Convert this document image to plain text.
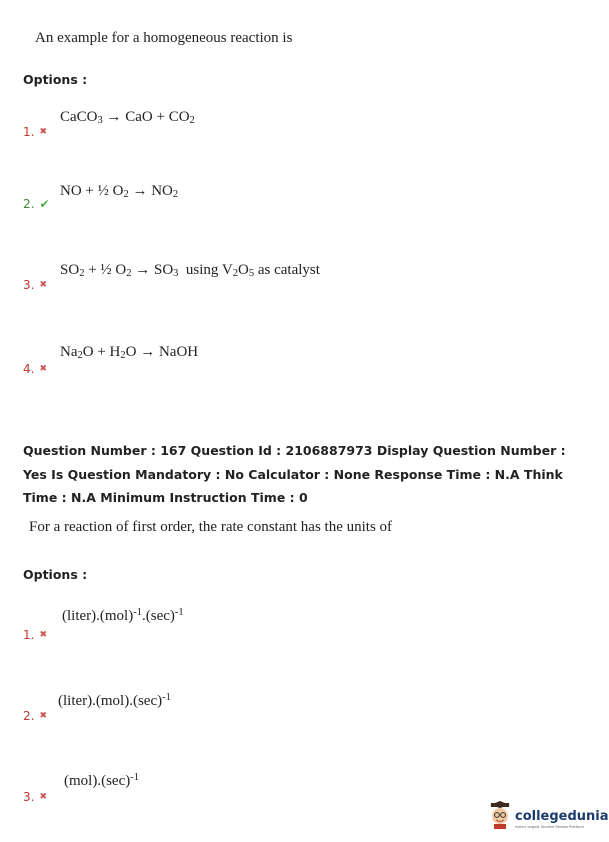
An example for a homogeneous reaction is
Options :
CaCO$_3$ → CaO + $CO_2$
1. ✖
NO + ½ $O_2 \to NO_2$
2. ✔
$SO_2$ + ½ $O_2 \to SO_3$  using $V_2O_5$ as catalyst
3. ✖
$Na_2O + H_2O$ → NaOH
4. ✖
Question Number : 167 Question Id : 2106887973 Display Question Number : Yes Is Question Mandatory : No Calculator : None Response Time : N.A Think Time : N.A Minimum Instruction Time : 0
For a reaction of first order, the rate constant has the units of
Options :
$(liter).(mol)^{-1}.(\sec)^{-1}$
1. ✖
$(liter).(mol).(\sec)^{-1}$
2. ✖
$(mol).(\sec)^{-1}$
3. ✖
collegedunia
India's largest Student Review Platform
